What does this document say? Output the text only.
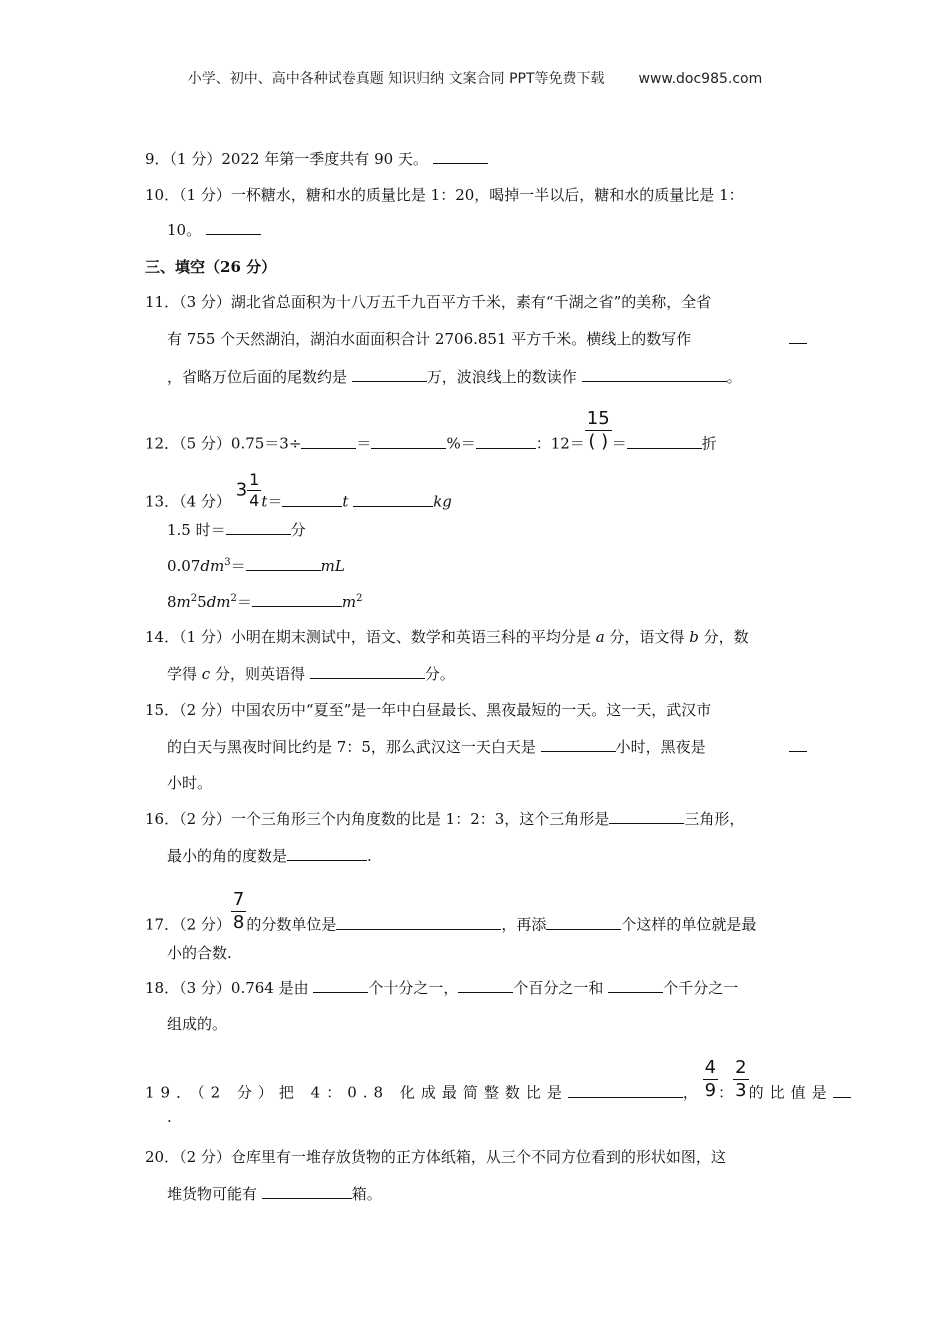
小学、初中、高中各种试卷真题 知识归纳 文案合同 PPT等免费下载 www.doc985.com
9．（1 分）2022 年第一季度共有 90 天。
10．（1 分）一杯糖水，糖和水的质量比是 1：20，喝掉一半以后，糖和水的质量比是 1：
10。
三、填空（26 分）
11．（3 分）湖北省总面积为十八万五千九百平方千米，素有“千湖之省”的美称，全省
有 755 个天然湖泊，湖泊水面面积合计 2706.851 平方千米。横线上的数写作
，省略万位后面的尾数约是	万，波浪线上的数读作	。
12．（5 分）0.75＝3÷	＝	%＝	：$12= \frac{15}{( )}$ ＝	折
13．（4 分） $3 \frac{1}{4} t=$	t	kg
1.5 时＝	分
$0.07dm^3=$	mL
$8m^25dm^2=$	$m^2$
14．（1 分）小明在期末测试中，语文、数学和英语三科的平均分是 a 分，语文得 b 分，数
学得 c 分，则英语得	分。
15．（2 分）中国农历中“夏至”是一年中白昼最长、黑夜最短的一天。这一天，武汉市
的白天与黑夜时间比约是 7：5，那么武汉这一天白天是	小时，黑夜是
小时。
16．（2 分）一个三角形三个内角度数的比是 1：2：3，这个三角形是	三角形，
最小的角的度数是	.
17．（2 分） $\frac{7}{8}$ 的分数单位是	，再添	个这样的单位就是最
小的合数.
18．（3 分）0.764 是由	个十分之一，	个百分之一和	个千分之一
组成的。
19．（2 分）把 4：0.8 化成最简整数比是	， $\frac{4}{9}$ ： $\frac{2}{3}$ 的比值是
.
20．（2 分）仓库里有一堆存放货物的正方体纸箱，从三个不同方位看到的形状如图，这
堆货物可能有	箱。
